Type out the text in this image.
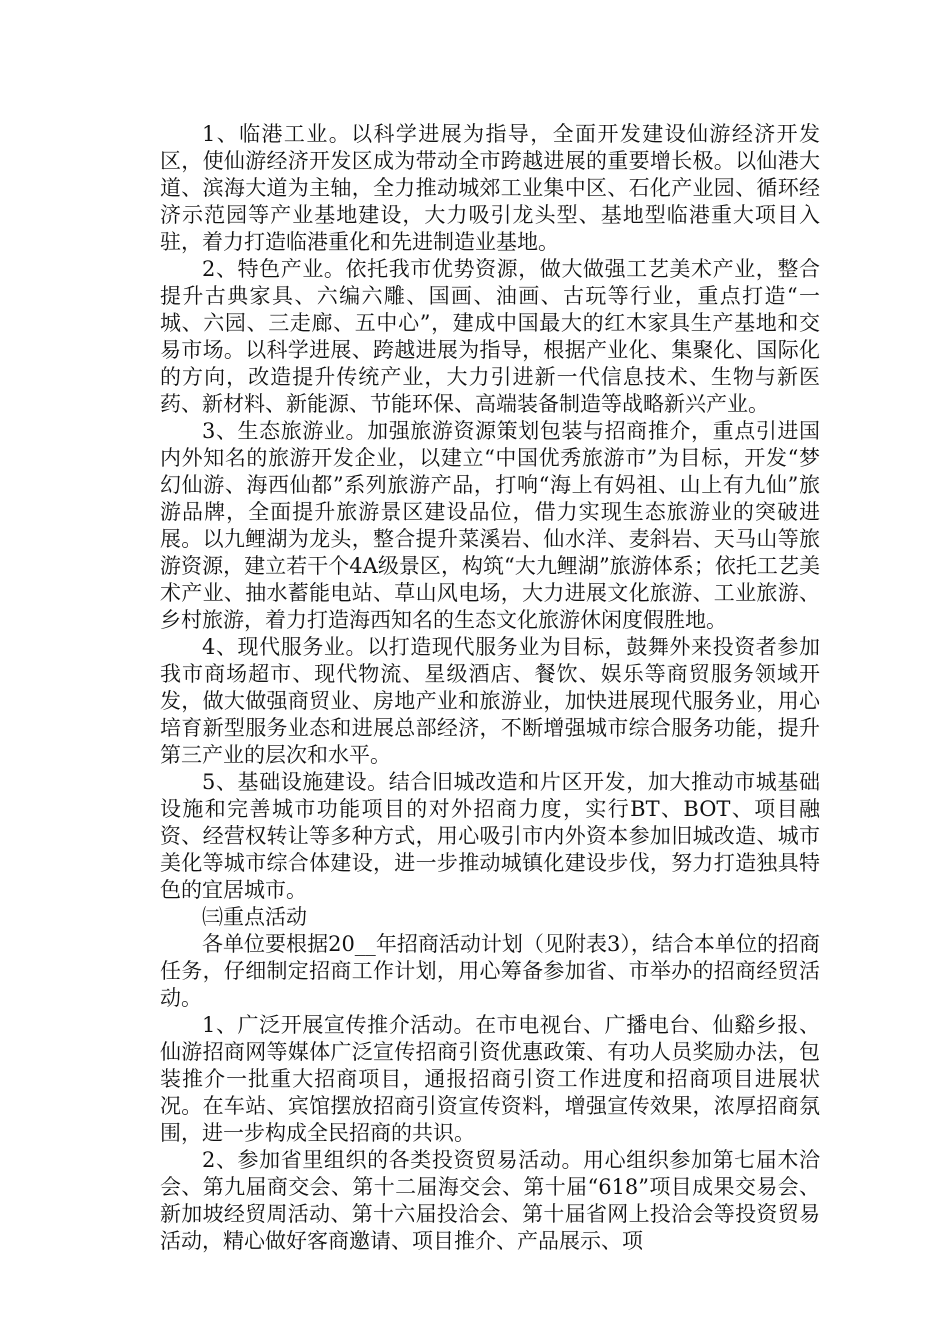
1、临港工业。以科学进展为指导，全面开发建设仙游经济开发区，使仙游经济开发区成为带动全市跨越进展的重要增长极。以仙港大道、滨海大道为主轴，全力推动城郊工业集中区、石化产业园、循环经济示范园等产业基地建设，大力吸引龙头型、基地型临港重大项目入驻，着力打造临港重化和先进制造业基地。

2、特色产业。依托我市优势资源，做大做强工艺美术产业，整合提升古典家具、六编六雕、国画、油画、古玩等行业，重点打造“一城、六园、三走廊、五中心”，建成中国最大的红木家具生产基地和交易市场。以科学进展、跨越进展为指导，根据产业化、集聚化、国际化的方向，改造提升传统产业，大力引进新一代信息技术、生物与新医药、新材料、新能源、节能环保、高端装备制造等战略新兴产业。

3、生态旅游业。加强旅游资源策划包装与招商推介，重点引进国内外知名的旅游开发企业，以建立“中国优秀旅游市”为目标，开发“梦幻仙游、海西仙都”系列旅游产品，打响“海上有妈祖、山上有九仙”旅游品牌，全面提升旅游景区建设品位，借力实现生态旅游业的突破进展。以九鲤湖为龙头，整合提升菜溪岩、仙水洋、麦斜岩、天马山等旅游资源，建立若干个4A级景区，构筑“大九鲤湖”旅游体系；依托工艺美术产业、抽水蓄能电站、草山风电场，大力进展文化旅游、工业旅游、乡村旅游，着力打造海西知名的生态文化旅游休闲度假胜地。

4、现代服务业。以打造现代服务业为目标，鼓舞外来投资者参加我市商场超市、现代物流、星级酒店、餐饮、娱乐等商贸服务领域开发，做大做强商贸业、房地产业和旅游业，加快进展现代服务业，用心培育新型服务业态和进展总部经济，不断增强城市综合服务功能，提升第三产业的层次和水平。

5、基础设施建设。结合旧城改造和片区开发，加大推动市城基础设施和完善城市功能项目的对外招商力度，实行BT、BOT、项目融资、经营权转让等多种方式，用心吸引市内外资本参加旧城改造、城市美化等城市综合体建设，进一步推动城镇化建设步伐，努力打造独具特色的宜居城市。

㈢重点活动

各单位要根据20__年招商活动计划（见附表3），结合本单位的招商任务，仔细制定招商工作计划，用心筹备参加省、市举办的招商经贸活动。

1、广泛开展宣传推介活动。在市电视台、广播电台、仙谿乡报、仙游招商网等媒体广泛宣传招商引资优惠政策、有功人员奖励办法，包装推介一批重大招商项目，通报招商引资工作进度和招商项目进展状况。在车站、宾馆摆放招商引资宣传资料，增强宣传效果，浓厚招商氛围，进一步构成全民招商的共识。

2、参加省里组织的各类投资贸易活动。用心组织参加第七届木洽会、第九届商交会、第十二届海交会、第十届“618”项目成果交易会、新加坡经贸周活动、第十六届投洽会、第十届省网上投洽会等投资贸易活动，精心做好客商邀请、项目推介、产品展示、项
